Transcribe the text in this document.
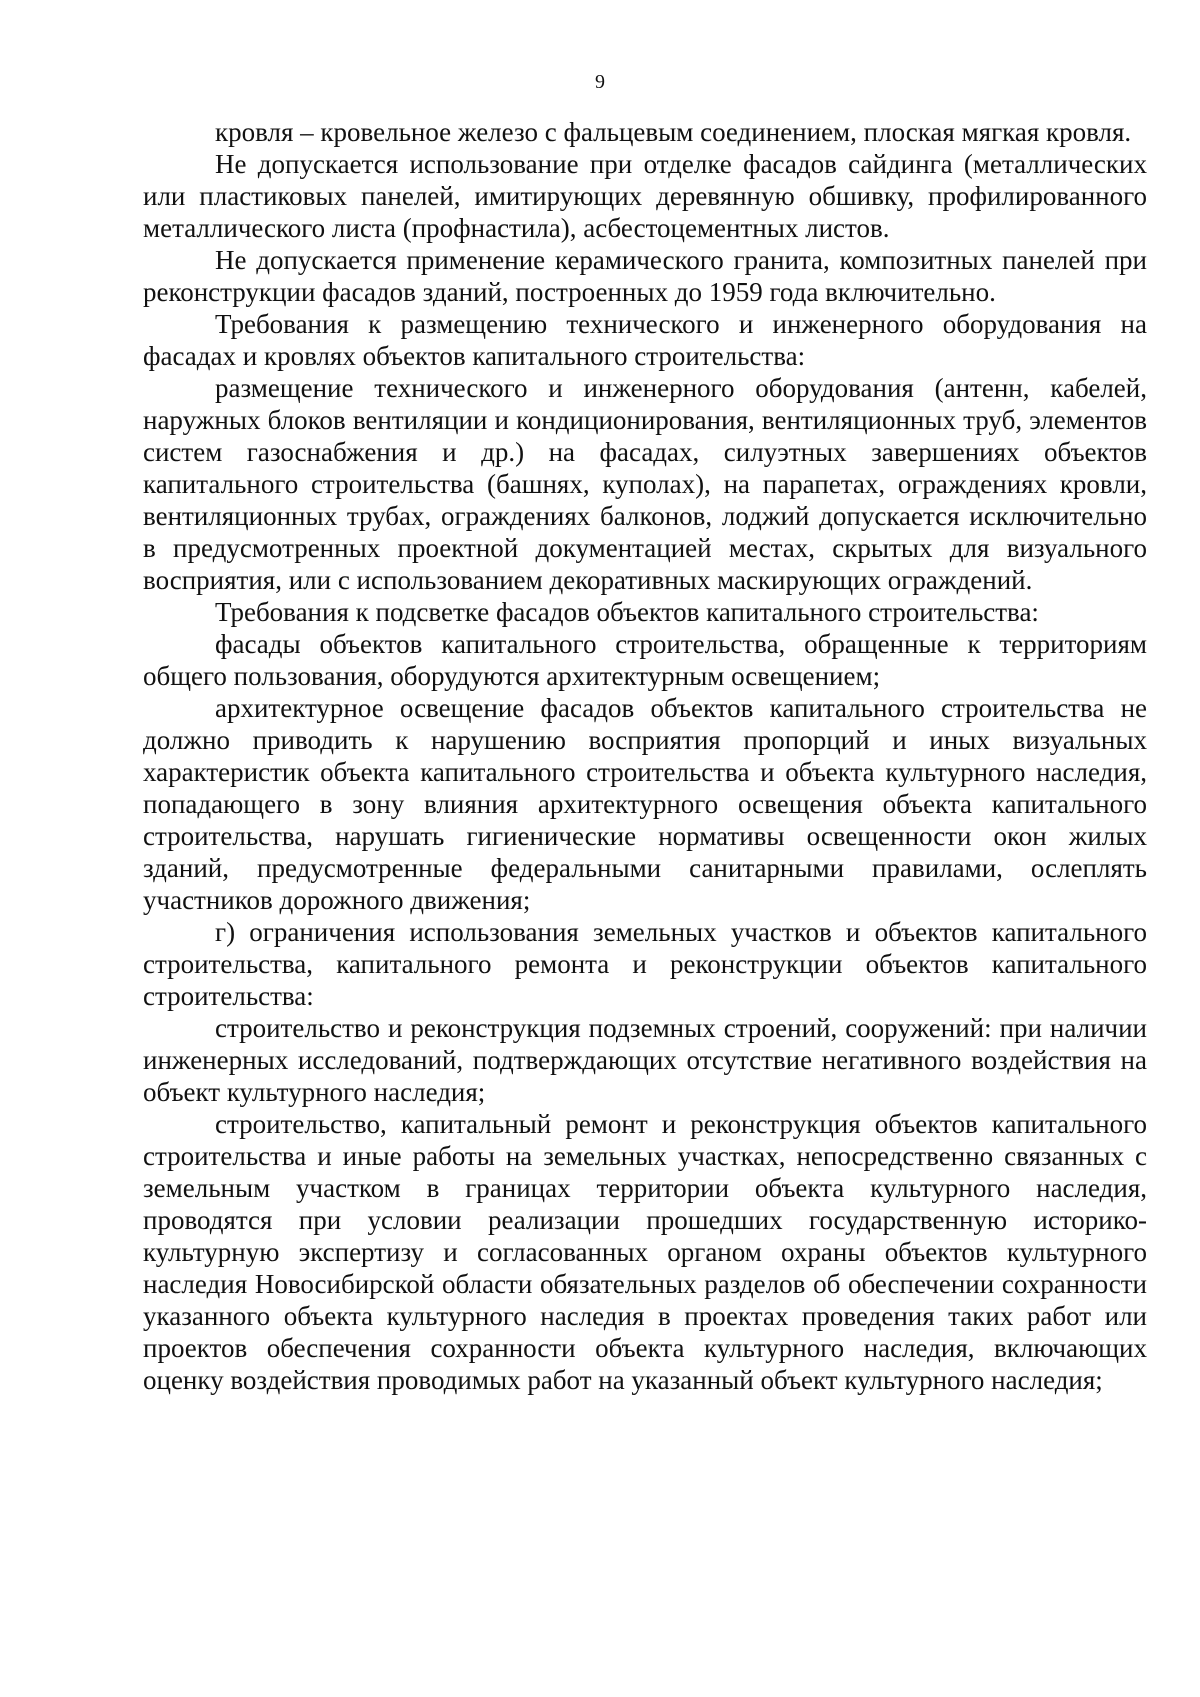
9

кровля – кровельное железо с фальцевым соединением, плоская мягкая кровля.

Не допускается использование при отделке фасадов сайдинга (металлических или пластиковых панелей, имитирующих деревянную обшивку, профилированного металлического листа (профнастила), асбестоцементных листов.

Не допускается применение керамического гранита, композитных панелей при реконструкции фасадов зданий, построенных до 1959 года включительно.

Требования к размещению технического и инженерного оборудования на фасадах и кровлях объектов капитального строительства:

размещение технического и инженерного оборудования (антенн, кабелей, наружных блоков вентиляции и кондиционирования, вентиляционных труб, элементов систем газоснабжения и др.) на фасадах, силуэтных завершениях объектов капитального строительства (башнях, куполах), на парапетах, ограждениях кровли, вентиляционных трубах, ограждениях балконов, лоджий допускается исключительно в предусмотренных проектной документацией местах, скрытых для визуального восприятия, или с использованием декоративных маскирующих ограждений.

Требования к подсветке фасадов объектов капитального строительства:

фасады объектов капитального строительства, обращенные к территориям общего пользования, оборудуются архитектурным освещением;

архитектурное освещение фасадов объектов капитального строительства не должно приводить к нарушению восприятия пропорций и иных визуальных характеристик объекта капитального строительства и объекта культурного наследия, попадающего в зону влияния архитектурного освещения объекта капитального строительства, нарушать гигиенические нормативы освещенности окон жилых зданий, предусмотренные федеральными санитарными правилами, ослеплять участников дорожного движения;

г) ограничения использования земельных участков и объектов капитального строительства, капитального ремонта и реконструкции объектов капитального строительства:

строительство и реконструкция подземных строений, сооружений: при наличии инженерных исследований, подтверждающих отсутствие негативного воздействия на объект культурного наследия;

строительство, капитальный ремонт и реконструкция объектов капитального строительства и иные работы на земельных участках, непосредственно связанных с земельным участком в границах территории объекта культурного наследия, проводятся при условии реализации прошедших государственную историко-культурную экспертизу и согласованных органом охраны объектов культурного наследия Новосибирской области обязательных разделов об обеспечении сохранности указанного объекта культурного наследия в проектах проведения таких работ или проектов обеспечения сохранности объекта культурного наследия, включающих оценку воздействия проводимых работ на указанный объект культурного наследия;
